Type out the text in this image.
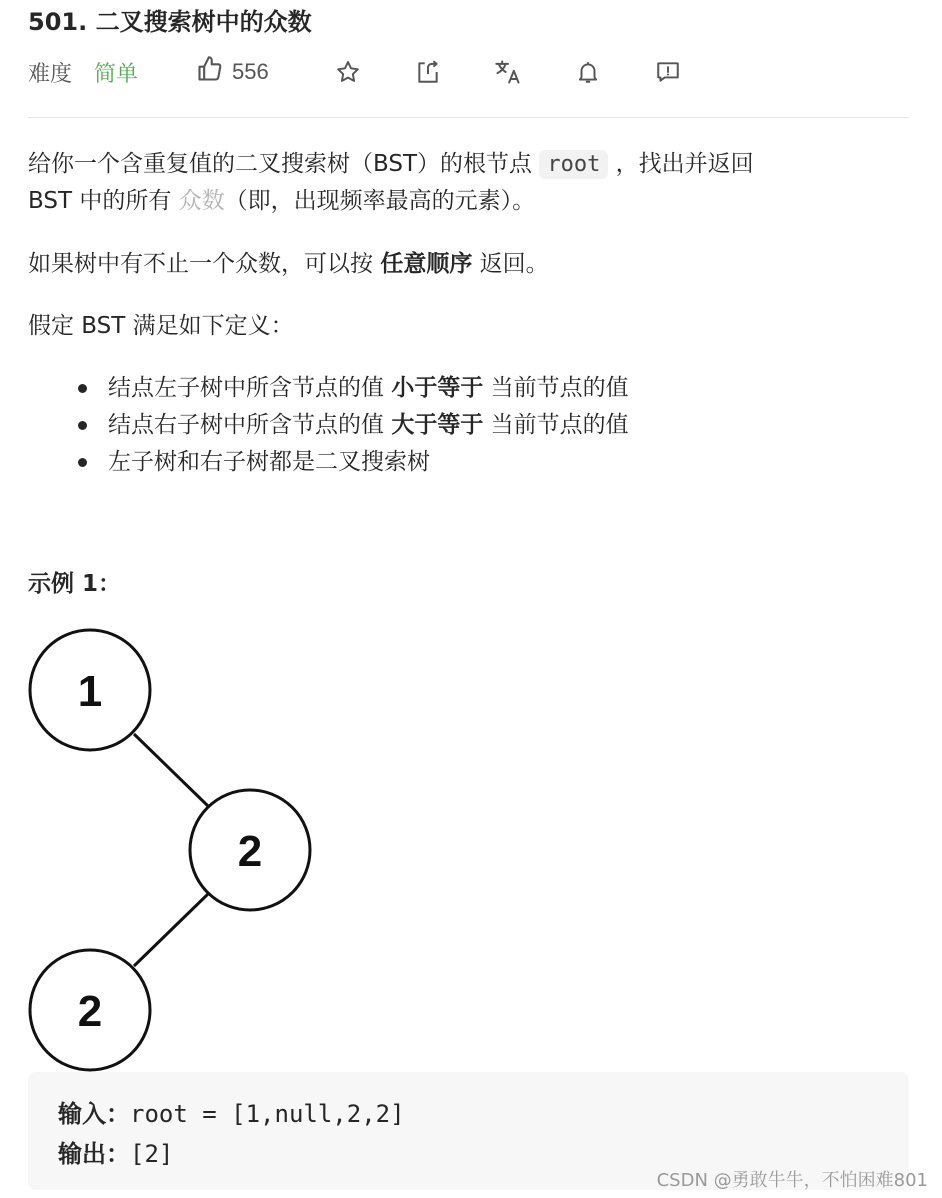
501. 二叉搜索树中的众数
难度 简单	556
给你一个含重复值的二叉搜索树（BST）的根节点 root ，找出并返回
BST 中的所有 众数（即，出现频率最高的元素）。
如果树中有不止一个众数，可以按 任意顺序 返回。
假定 BST 满足如下定义：
结点左子树中所含节点的值 小于等于 当前节点的值
结点右子树中所含节点的值 大于等于 当前节点的值
左子树和右子树都是二叉搜索树
示例 1：
1
2
2
输入：root = [1,null,2,2]
输出：[2]
CSDN @勇敢牛牛，不怕困难801
